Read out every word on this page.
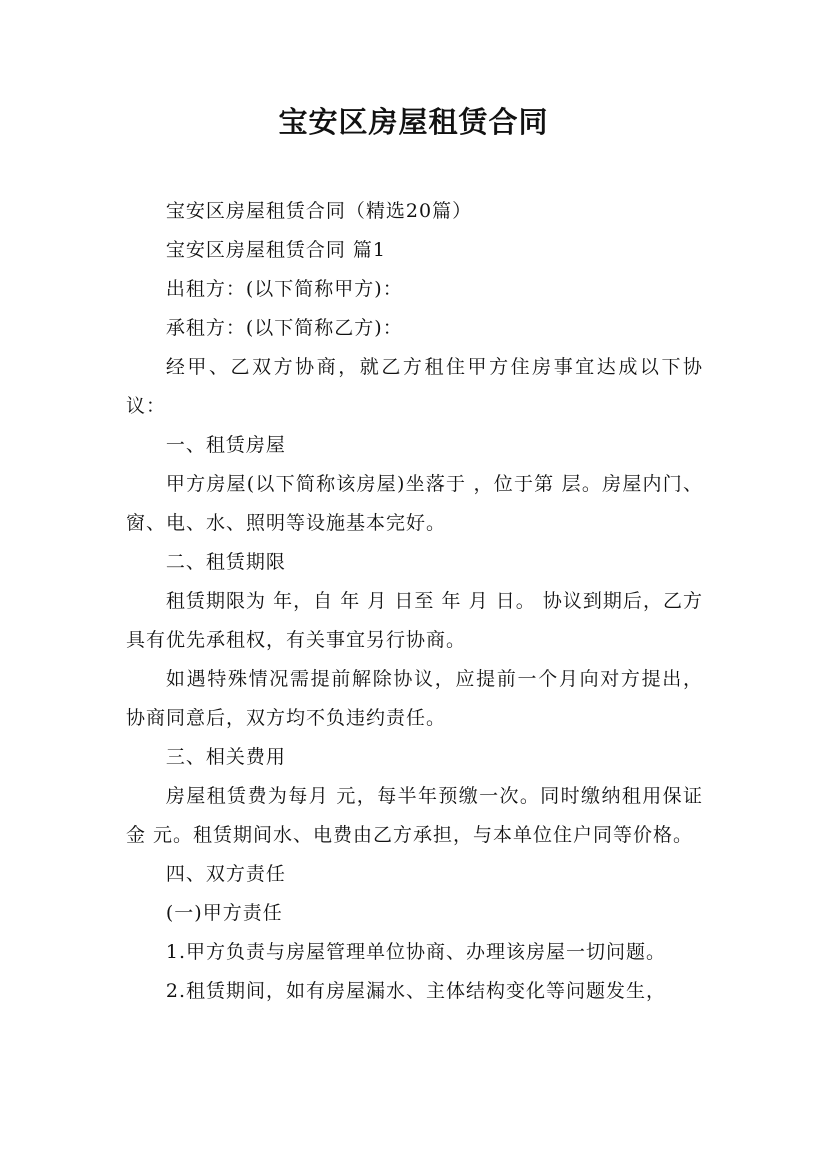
宝安区房屋租赁合同

宝安区房屋租赁合同（精选20篇）

宝安区房屋租赁合同 篇1

出租方：(以下简称甲方)：

承租方：(以下简称乙方)：

经甲、乙双方协商，就乙方租住甲方住房事宜达成以下协议：

一、租赁房屋

甲方房屋(以下简称该房屋)坐落于 ，位于第 层。房屋内门、窗、电、水、照明等设施基本完好。

二、租赁期限

租赁期限为 年，自 年 月 日至 年 月 日。 协议到期后，乙方具有优先承租权，有关事宜另行协商。

如遇特殊情况需提前解除协议，应提前一个月向对方提出，协商同意后，双方均不负违约责任。

三、相关费用

房屋租赁费为每月 元，每半年预缴一次。同时缴纳租用保证金 元。租赁期间水、电费由乙方承担，与本单位住户同等价格。

四、双方责任

(一)甲方责任

1.甲方负责与房屋管理单位协商、办理该房屋一切问题。

2.租赁期间，如有房屋漏水、主体结构变化等问题发生，
